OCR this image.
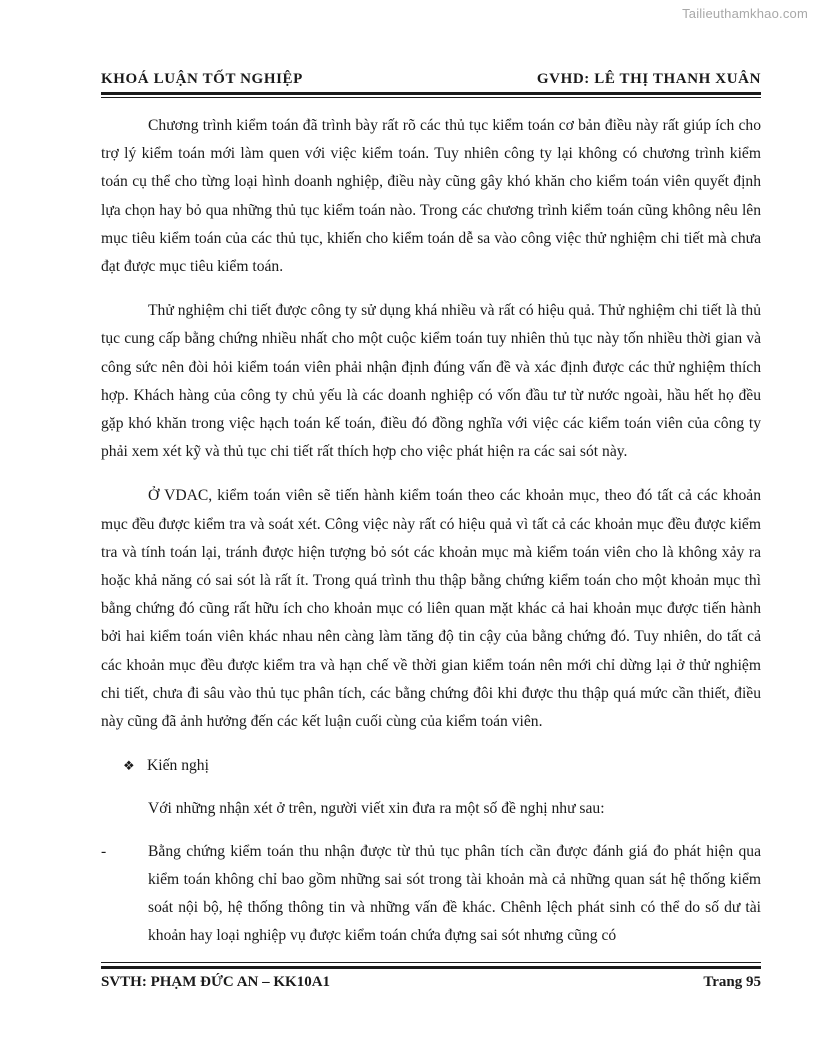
Tailieuthamkhao.com
KHOÁ LUẬN TỐT NGHIỆP	GVHD: LÊ THỊ THANH XUÂN

Chương trình kiểm toán đã trình bày rất rõ các thủ tục kiểm toán cơ bản điều này rất giúp ích cho trợ lý kiểm toán mới làm quen với việc kiểm toán. Tuy nhiên công ty lại không có chương trình kiểm toán cụ thể cho từng loại hình doanh nghiệp, điều này cũng gây khó khăn cho kiểm toán viên quyết định lựa chọn hay bỏ qua những thủ tục kiểm toán nào. Trong các chương trình kiểm toán cũng không nêu lên mục tiêu kiểm toán của các thủ tục, khiến cho kiểm toán dễ sa vào công việc thử nghiệm chi tiết mà chưa đạt được mục tiêu kiểm toán.

Thử nghiệm chi tiết được công ty sử dụng khá nhiều và rất có hiệu quả. Thử nghiệm chi tiết là thủ tục cung cấp bằng chứng nhiều nhất cho một cuộc kiểm toán tuy nhiên thủ tục này tốn nhiều thời gian và công sức nên đòi hỏi kiểm toán viên phải nhận định đúng vấn đề và xác định được các thử nghiệm thích hợp. Khách hàng của công ty chủ yếu là các doanh nghiệp có vốn đầu tư từ nước ngoài, hầu hết họ đều gặp khó khăn trong việc hạch toán kế toán, điều đó đồng nghĩa với việc các kiểm toán viên của công ty phải xem xét kỹ và thủ tục chi tiết rất thích hợp cho việc phát hiện ra các sai sót này.

Ở VDAC, kiểm toán viên sẽ tiến hành kiểm toán theo các khoản mục, theo đó tất cả các khoản mục đều được kiểm tra và soát xét. Công việc này rất có hiệu quả vì tất cả các khoản mục đều được kiểm tra và tính toán lại, tránh được hiện tượng bỏ sót các khoản mục mà kiểm toán viên cho là không xảy ra hoặc khả năng có sai sót là rất ít. Trong quá trình thu thập bằng chứng kiểm toán cho một khoản mục thì bằng chứng đó cũng rất hữu ích cho khoản mục có liên quan mặt khác cả hai khoản mục được tiến hành bởi hai kiểm toán viên khác nhau nên càng làm tăng độ tin cậy của bằng chứng đó. Tuy nhiên, do tất cả các khoản mục đều được kiểm tra và hạn chế về thời gian kiểm toán nên mới chỉ dừng lại ở thử nghiệm chi tiết, chưa đi sâu vào thủ tục phân tích, các bằng chứng đôi khi được thu thập quá mức cần thiết, điều này cũng đã ảnh hưởng đến các kết luận cuối cùng của kiểm toán viên.

❖ Kiến nghị

Với những nhận xét ở trên, người viết xin đưa ra một số đề nghị như sau:

-	Bằng chứng kiểm toán thu nhận được từ thủ tục phân tích cần được đánh giá đo phát hiện qua kiểm toán không chỉ bao gồm những sai sót trong tài khoản mà cả những quan sát hệ thống kiểm soát nội bộ, hệ thống thông tin và những vấn đề khác. Chênh lệch phát sinh có thể do số dư tài khoản hay loại nghiệp vụ được kiểm toán chứa đựng sai sót nhưng cũng có
SVTH: PHẠM ĐỨC AN – KK10A1	Trang 95
